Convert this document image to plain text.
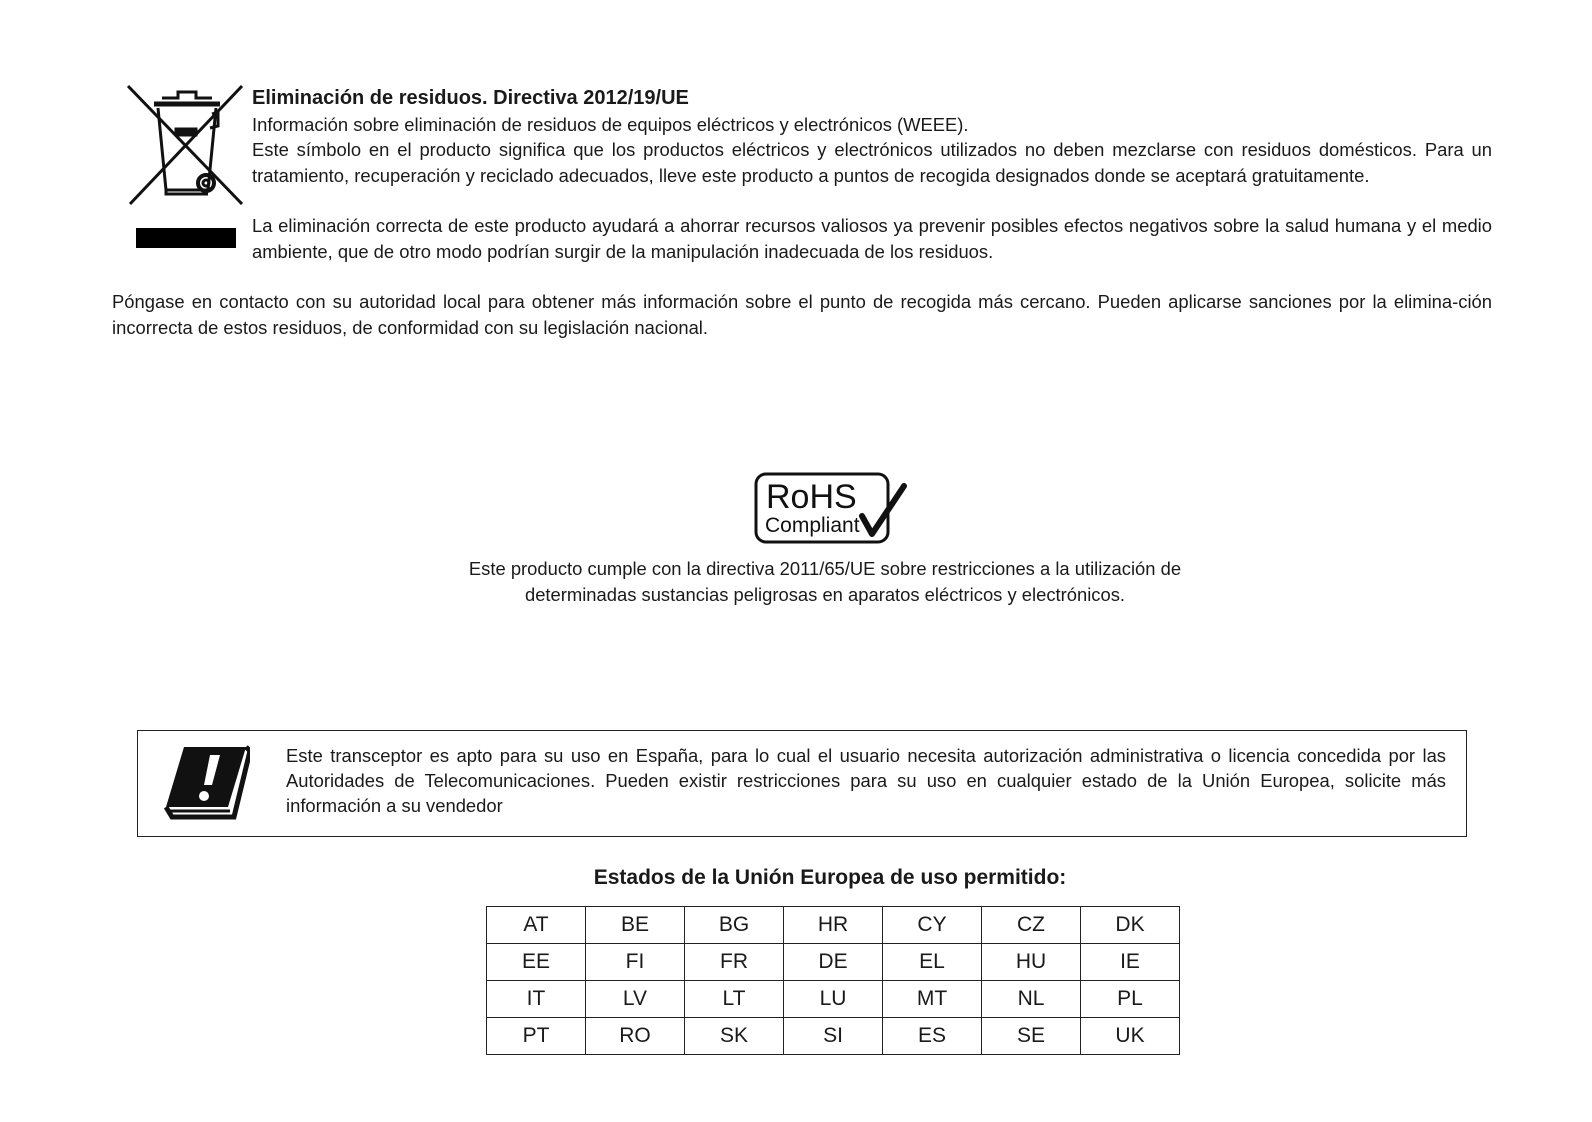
Eliminación de residuos. Directiva 2012/19/UE
Información sobre eliminación de residuos de equipos eléctricos y electrónicos (WEEE).
Este símbolo en el producto significa que los productos eléctricos y electrónicos utilizados no deben mezclarse con residuos domésticos. Para un tratamiento, recuperación y reciclado adecuados, lleve este producto a puntos de recogida designados donde se aceptará gratuitamente.
La eliminación correcta de este producto ayudará a ahorrar recursos valiosos ya prevenir posibles efectos negativos sobre la salud humana y el medio ambiente, que de otro modo podrían surgir de la manipulación inadecuada de los residuos.
Póngase en contacto con su autoridad local para obtener más información sobre el punto de recogida más cercano. Pueden aplicarse sanciones por la elimina-ción incorrecta de estos residuos, de conformidad con su legislación nacional.
RoHS
Compliant
Este producto cumple con la directiva 2011/65/UE sobre restricciones a la utilización de
determinadas sustancias peligrosas en aparatos eléctricos y electrónicos.
Este transceptor es apto para su uso en España, para lo cual el usuario necesita autorización administrativa o licencia concedida por las Autoridades de Telecomunicaciones. Pueden existir restricciones para su uso en cualquier estado de la Unión Europea, solicite más información a su vendedor
Estados de la Unión Europea de uso permitido:
AT	BE	BG	HR	CY	CZ	DK
EE	FI	FR	DE	EL	HU	IE
IT	LV	LT	LU	MT	NL	PL
PT	RO	SK	SI	ES	SE	UK
